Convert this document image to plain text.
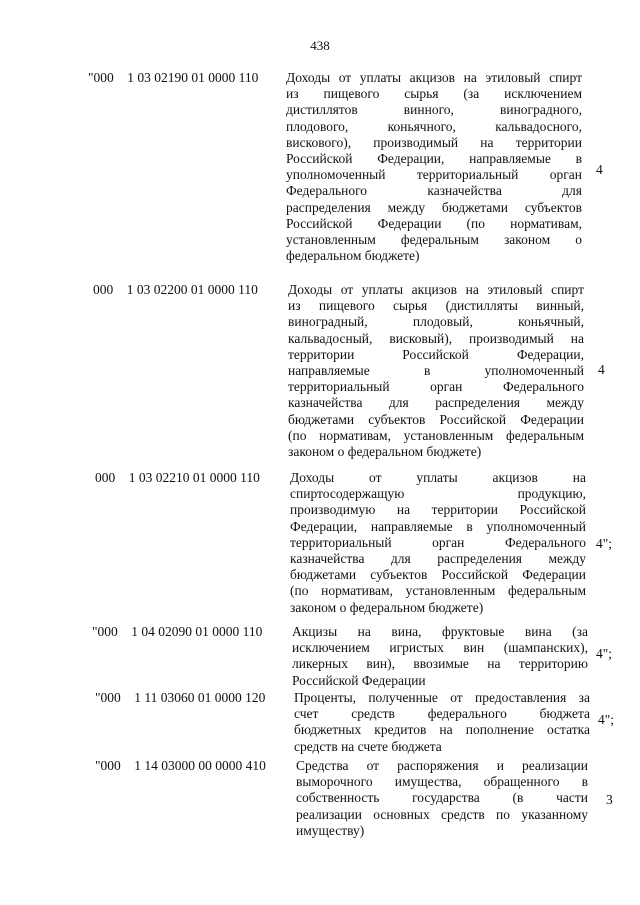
438
"000 1 03 02190 01 0000 110 Доходы от уплаты акцизов на этиловый спирт
из пищевого сырья (за исключением
дистиллятов винного, виноградного,
плодового, коньячного, кальвадосного,
вискового), производимый на территории
Российской Федерации, направляемые в
уполномоченный территориальный орган
Федерального казначейства для
распределения между бюджетами субъектов
Российской Федерации (по нормативам,
установленным федеральным законом о
федеральном бюджете)
4
000 1 03 02200 01 0000 110 Доходы от уплаты акцизов на этиловый спирт
из пищевого сырья (дистилляты винный,
виноградный, плодовый, коньячный,
кальвадосный, висковый), производимый на
территории Российской Федерации,
направляемые в уполномоченный
территориальный орган Федерального
казначейства для распределения между
бюджетами субъектов Российской Федерации
(по нормативам, установленным федеральным
законом о федеральном бюджете)
4
000 1 03 02210 01 0000 110 Доходы от уплаты акцизов на
спиртосодержащую продукцию,
производимую на территории Российской
Федерации, направляемые в уполномоченный
территориальный орган Федерального
казначейства для распределения между
бюджетами субъектов Российской Федерации
(по нормативам, установленным федеральным
законом о федеральном бюджете)
4";
"000 1 04 02090 01 0000 110 Акцизы на вина, фруктовые вина (за
исключением игристых вин (шампанских),
ликерных вин), ввозимые на территорию
Российской Федерации
4";
"000 1 11 03060 01 0000 120 Проценты, полученные от предоставления за
счет средств федерального бюджета
бюджетных кредитов на пополнение остатка
средств на счете бюджета
4";
"000 1 14 03000 00 0000 410 Средства от распоряжения и реализации
выморочного имущества, обращенного в
собственность государства (в части
реализации основных средств по указанному
имуществу)
3
